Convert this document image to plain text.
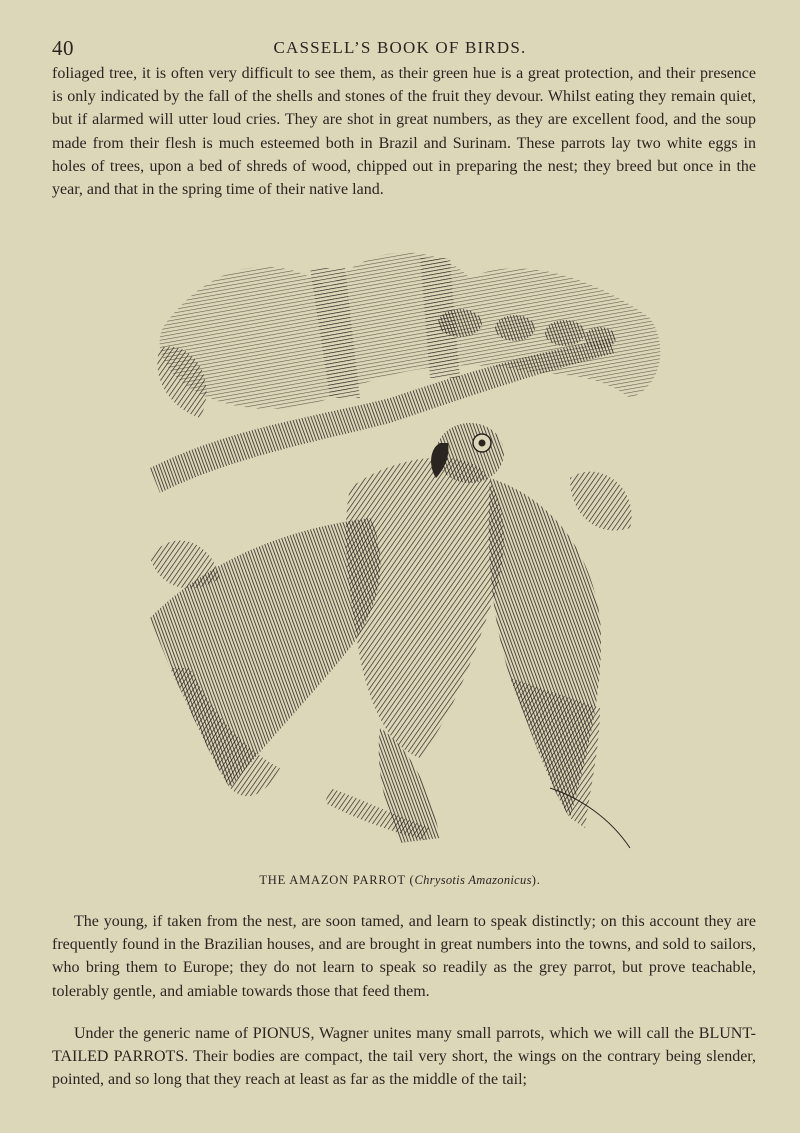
40	CASSELL’S BOOK OF BIRDS.

foliaged tree, it is often very difficult to see them, as their green hue is a great protection, and their presence is only indicated by the fall of the shells and stones of the fruit they devour. Whilst eating they remain quiet, but if alarmed will utter loud cries. They are shot in great numbers, as they are excellent food, and the soup made from their flesh is much esteemed both in Brazil and Surinam. These parrots lay two white eggs in holes of trees, upon a bed of shreds of wood, chipped out in preparing the nest; they breed but once in the year, and that in the spring time of their native land.

THE AMAZON PARROT (Chrysotis Amazonicus).

The young, if taken from the nest, are soon tamed, and learn to speak distinctly; on this account they are frequently found in the Brazilian houses, and are brought in great numbers into the towns, and sold to sailors, who bring them to Europe; they do not learn to speak so readily as the grey parrot, but prove teachable, tolerably gentle, and amiable towards those that feed them.

Under the generic name of PIONUS, Wagner unites many small parrots, which we will call the BLUNT-TAILED PARROTS. Their bodies are compact, the tail very short, the wings on the contrary being slender, pointed, and so long that they reach at least as far as the middle of the tail;
